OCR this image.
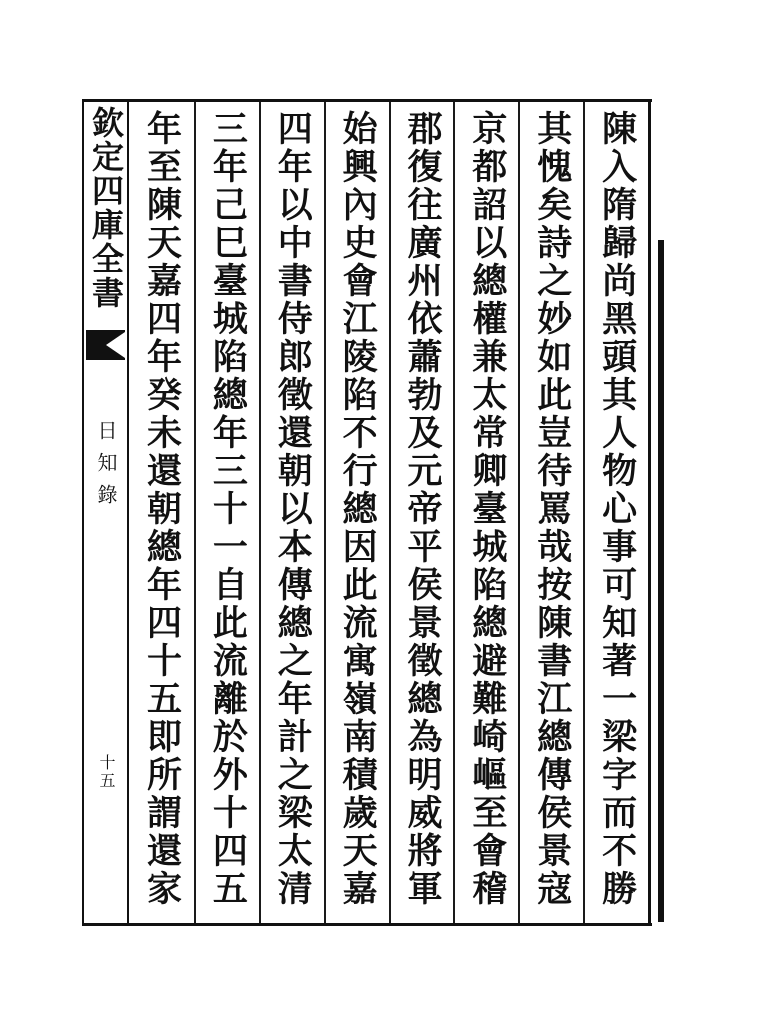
欽定四庫全書
日知錄
十五	陳入隋歸尚黑頭其人物心事可知著一梁字而不勝
其愧矣詩之妙如此豈待罵哉按陳書江總傳侯景寇
京都詔以總權兼太常卿臺城陷總避難崎嶇至會稽
郡復往廣州依蕭勃及元帝平侯景徵總為明威將軍
始興內史會江陵陷不行總因此流寓嶺南積歲天嘉
四年以中書侍郎徵還朝以本傳總之年計之梁太清
三年己巳臺城陷總年三十一自此流離於外十四五
年至陳天嘉四年癸未還朝總年四十五即所謂還家
